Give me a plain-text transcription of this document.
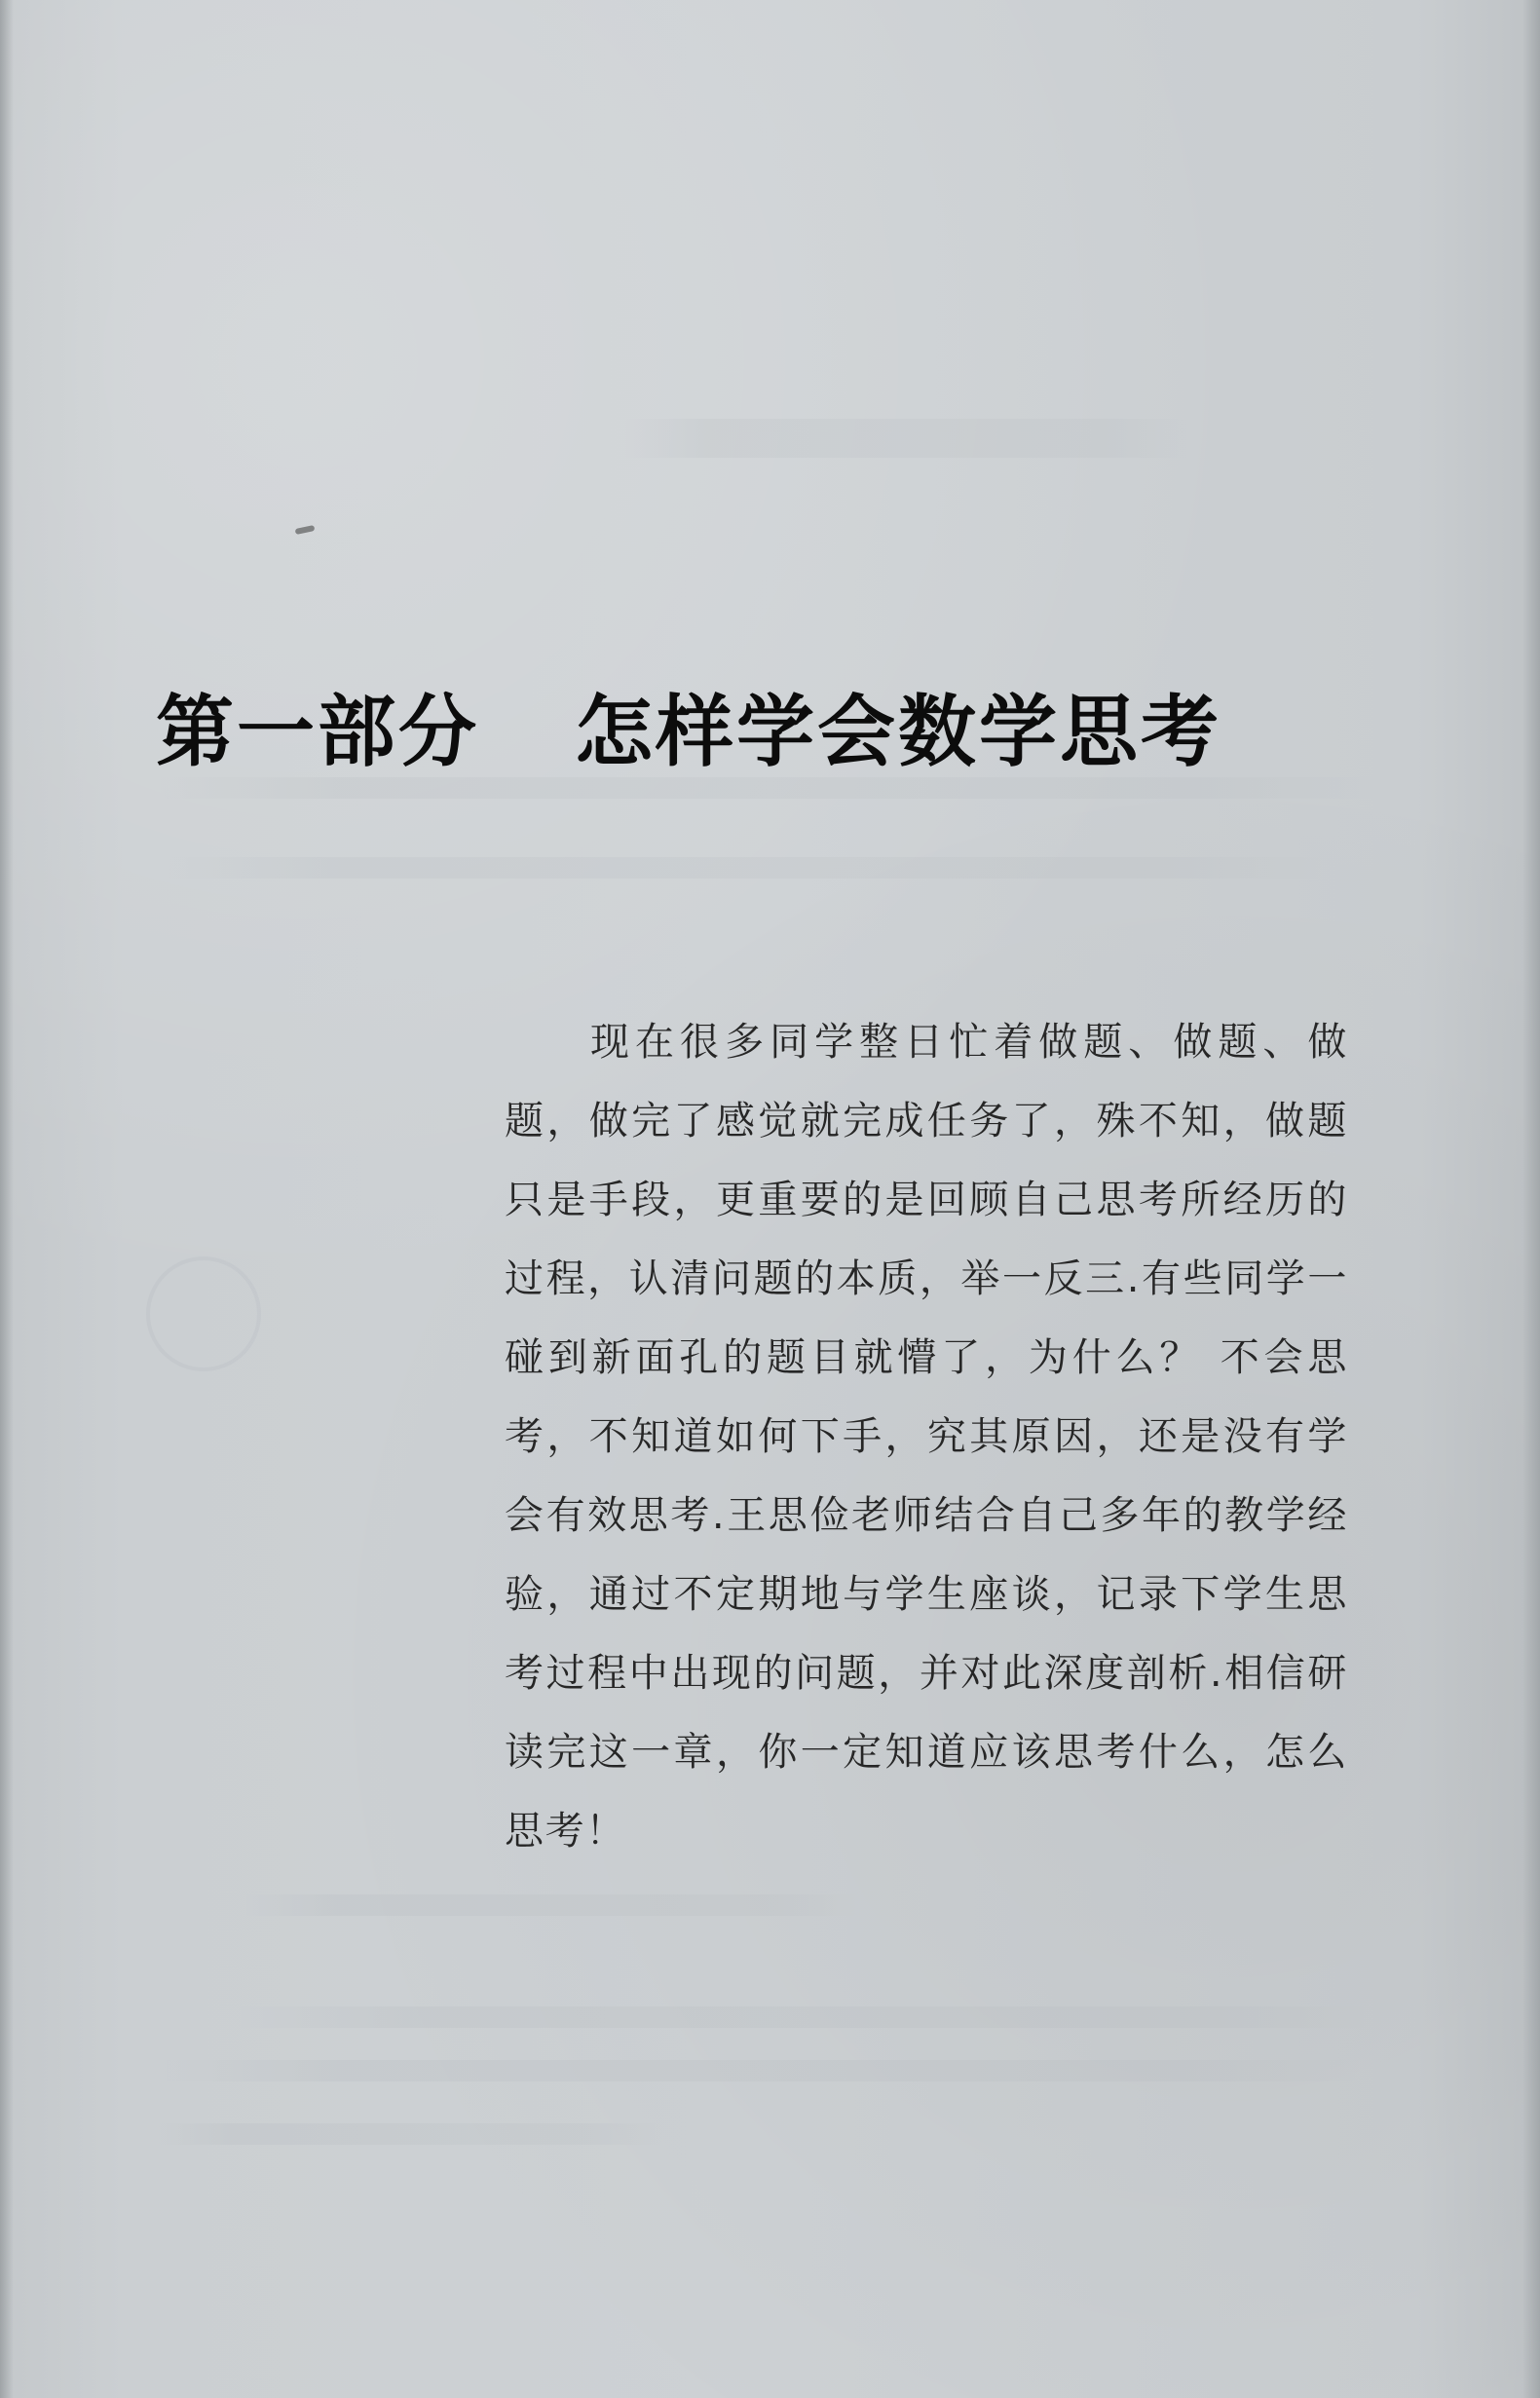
第一部分 怎样学会数学思考

现在很多同学整日忙着做题、做题、做题，做完了感觉就完成任务了，殊不知，做题只是手段，更重要的是回顾自己思考所经历的过程，认清问题的本质，举一反三.有些同学一碰到新面孔的题目就懵了，为什么？ 不会思考，不知道如何下手，究其原因，还是没有学会有效思考.王思俭老师结合自己多年的教学经验，通过不定期地与学生座谈，记录下学生思考过程中出现的问题，并对此深度剖析.相信研读完这一章，你一定知道应该思考什么，怎么思考！
